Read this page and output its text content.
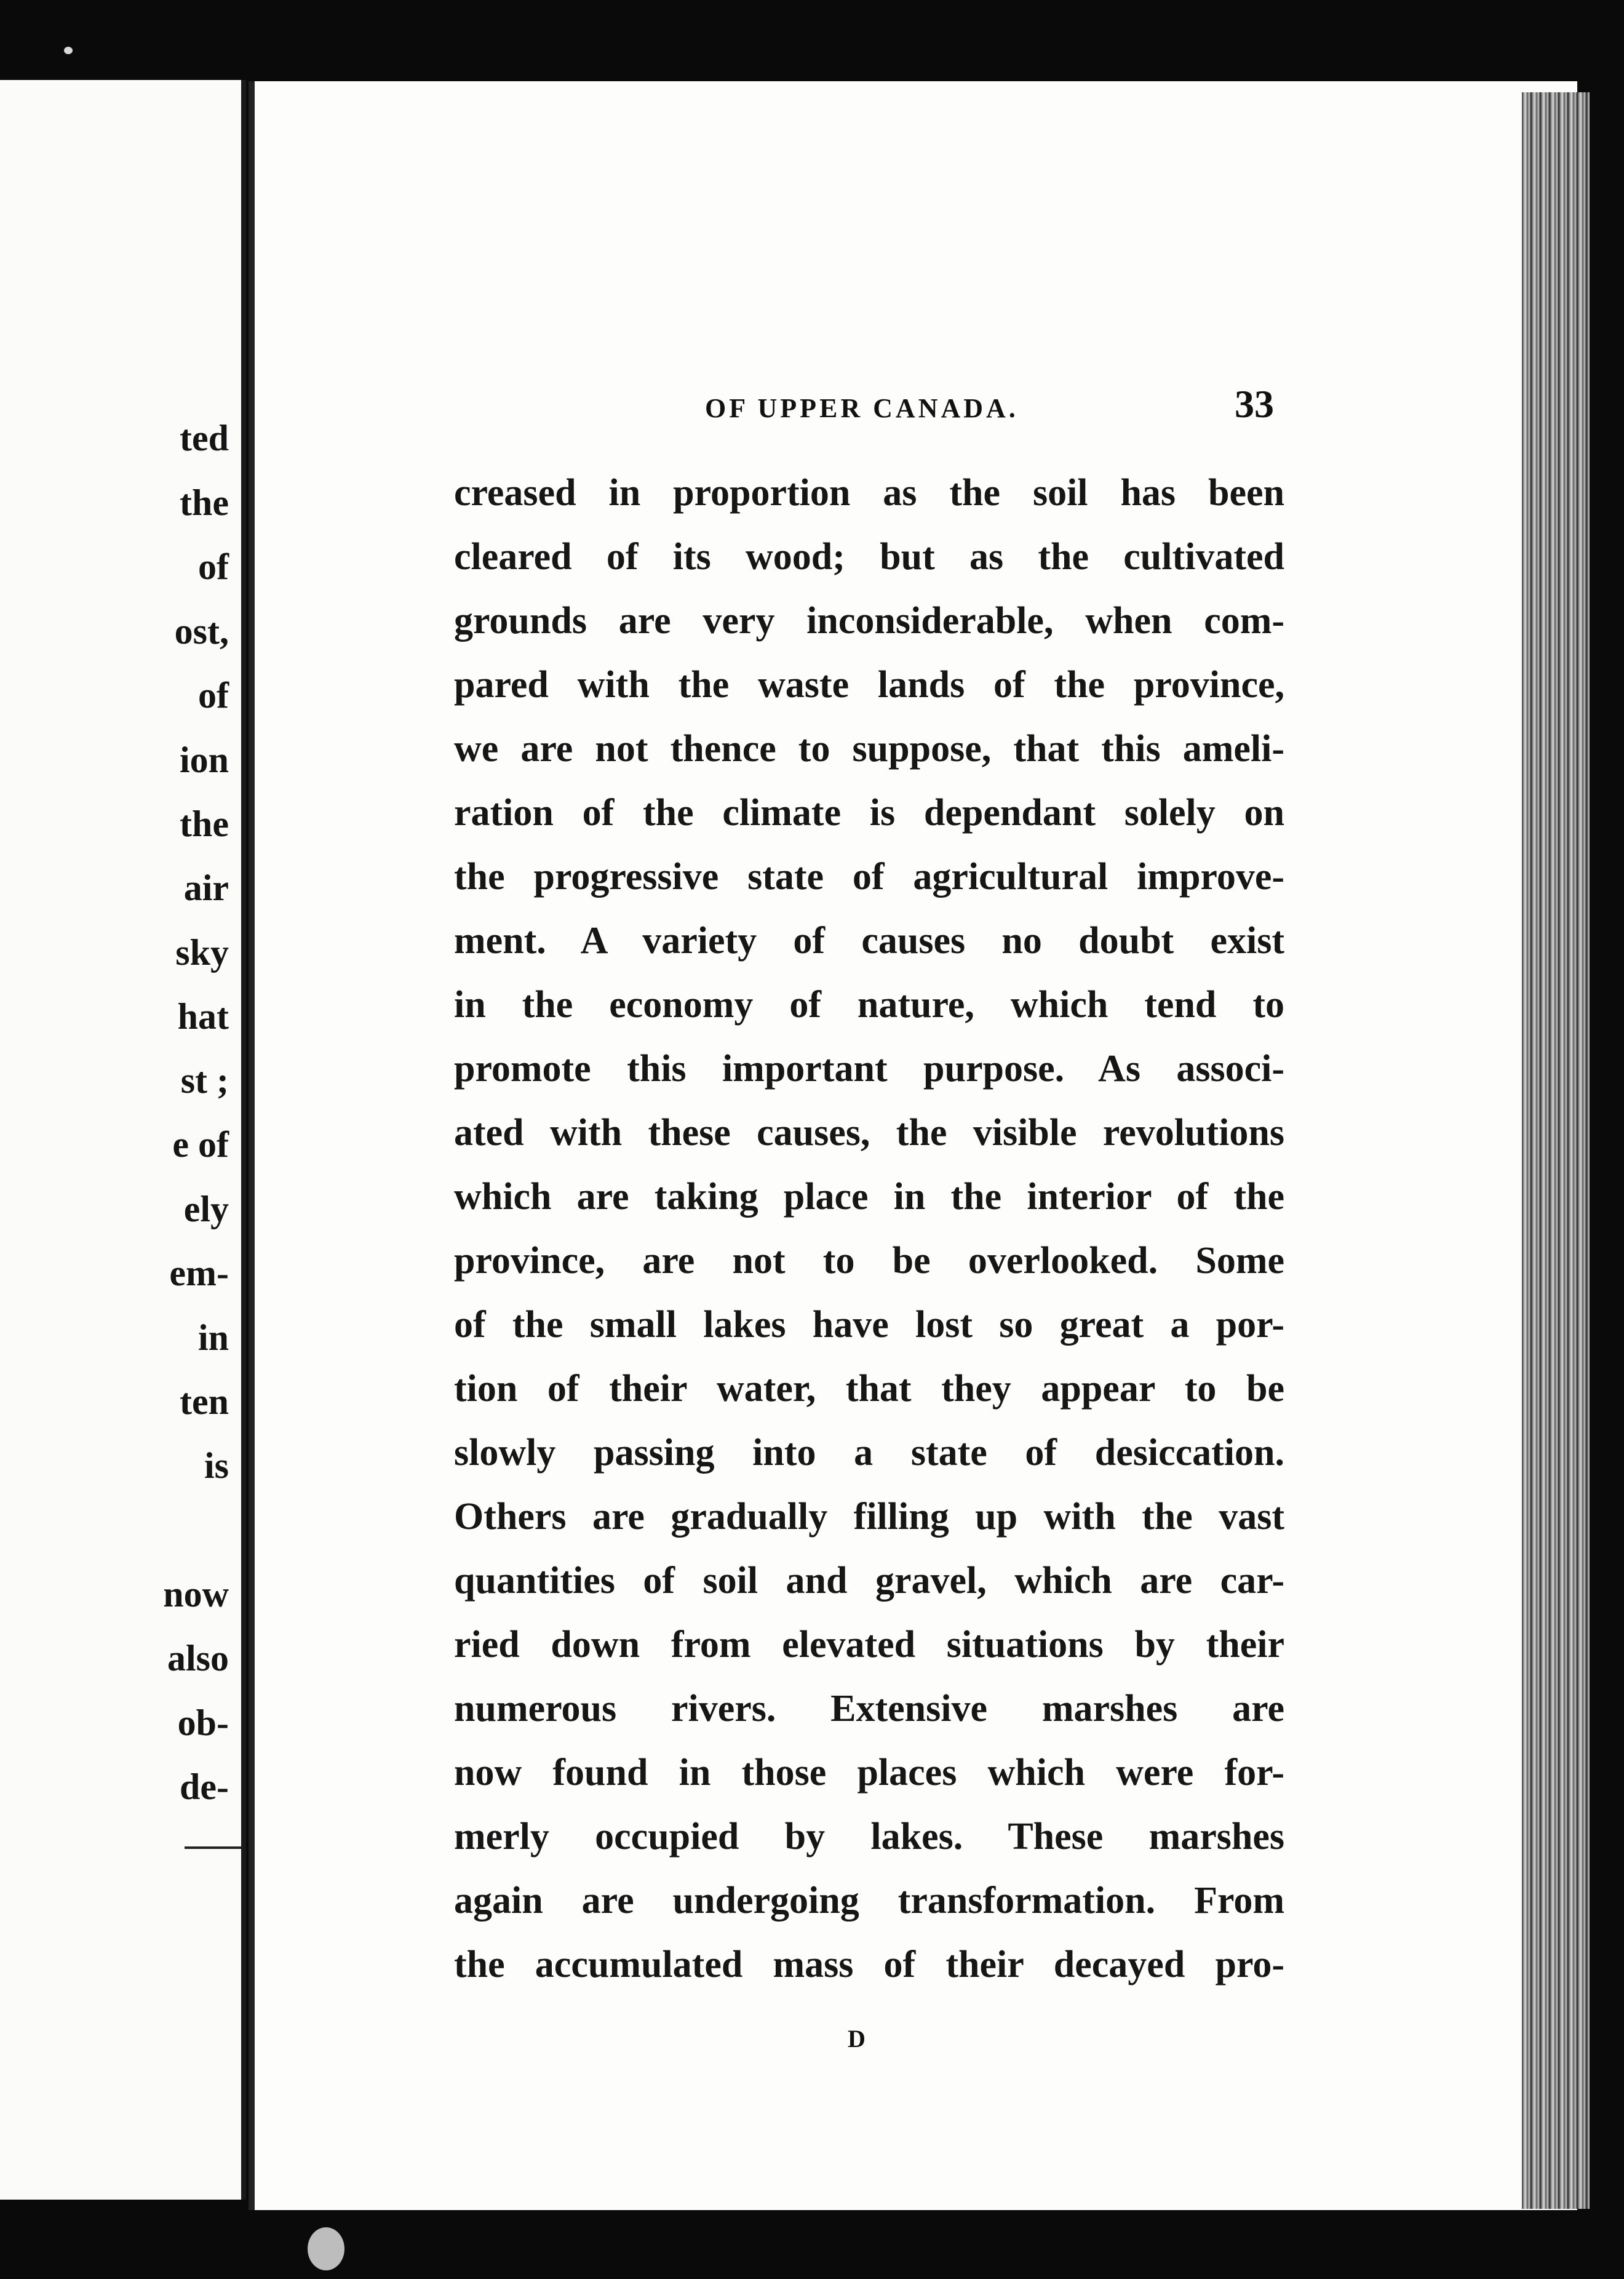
ted
the
of
ost,
of
ion
the
air
sky
hat
st ;
e of
ely
em-
in
ten
is
now
also
ob-
de-
OF UPPER CANADA.	33
creased in proportion as the soil has been
cleared of its wood; but as the cultivated
grounds are very inconsiderable, when com-
pared with the waste lands of the province,
we are not thence to suppose, that this ameli-
ration of the climate is dependant solely on
the progressive state of agricultural improve-
ment. A variety of causes no doubt exist
in the economy of nature, which tend to
promote this important purpose. As associ-
ated with these causes, the visible revolutions
which are taking place in the interior of the
province, are not to be overlooked. Some
of the small lakes have lost so great a por-
tion of their water, that they appear to be
slowly passing into a state of desiccation.
Others are gradually filling up with the vast
quantities of soil and gravel, which are car-
ried down from elevated situations by their
numerous rivers. Extensive marshes are
now found in those places which were for-
merly occupied by lakes. These marshes
again are undergoing transformation. From
the accumulated mass of their decayed pro-
D
